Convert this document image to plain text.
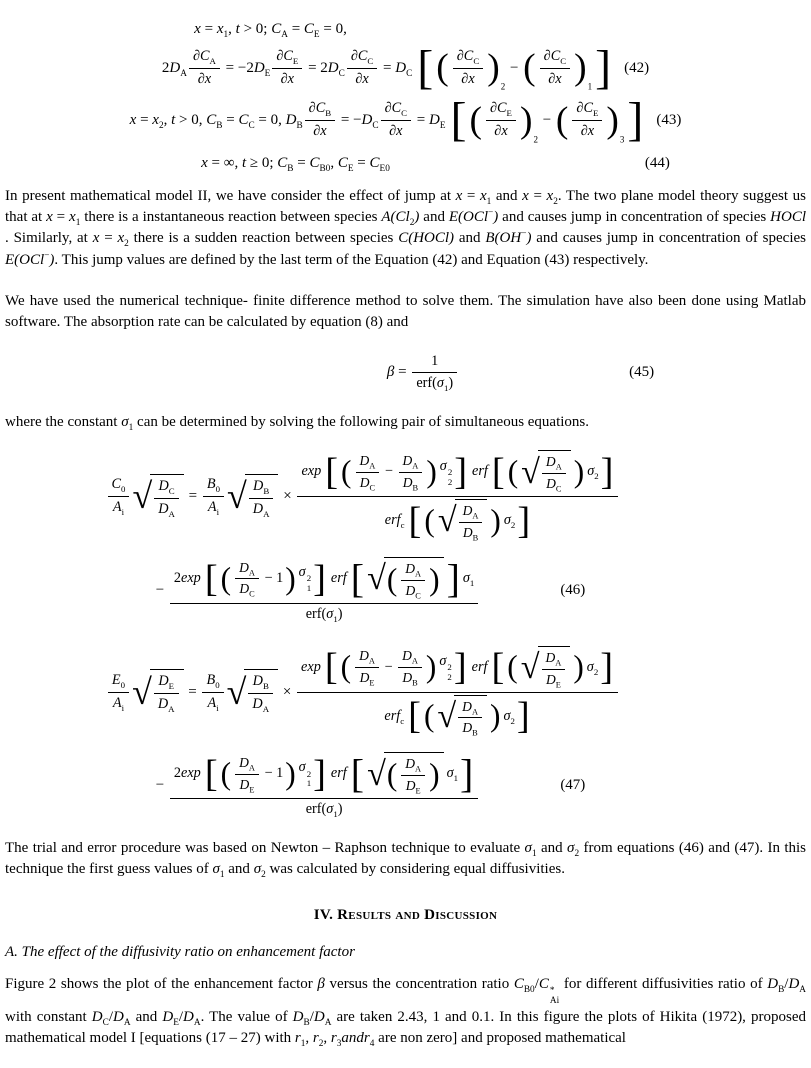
$x = x_1$ , t > 0; $C_A = C_E = 0$,
2 $D_A \frac{\partial C_A}{\partial x} = -2$ $D_E \frac{\partial C_E}{\partial x} = 2$ $D_C \frac{\partial C_C}{\partial x} = D_C$ [ ( $\frac{\partial C_C}{\partial x}$ ) 2
− ( $\frac{\partial C_C}{\partial x}$ ) 1 ] (42)
$x = x_2$ , t > 0, $C_B = C_C = 0$, $D_B \frac{\partial C_B}{\partial x}$ = − $D_C \frac{\partial C_C}{\partial x} = D_E$ [ ( $\frac{\partial C_E}{\partial x}$ ) 2
− ( $\frac{\partial C_E}{\partial x}$ ) 3 ] (43)
x = ∞, t ≥ 0; $C_B = C_{B0}$ , $C_E = C_{E0}$	(44)

In present mathematical model II, we have consider the effect of jump at $x = x_1$ and $x = x_2$. The two plane model theory suggest us that at $x = x_1$ there is a instantaneous reaction between species $A(Cl_2)$ and E(OCl−) and causes jump in concentration of species HOCl. Similarly, at $x = x_2$ there is a sudden reaction between species C(HOCl) and B(OH−) and causes jump in concentration of species E(OCl−). This jump values are defined by the last term of the Equation (42) and Equation (43) respectively.

We have used the numerical technique- finite difference method to solve them. The simulation have also been done using Matlab software. The absorption rate can be calculated by equation (8) and

β =
1
erf( $\sigma_1$ )
(45)

where the constant $\sigma_1$ can be determined by solving the following pair of simultaneous equations.

$\frac{C_0}{A_i}$ √ $\frac{D_C}{D_A} = \frac{B_0}{A_i}$ √ $\frac{D_B}{D_A}$ ×
exp [ ( $\frac{D_A}{D_C} - \frac{D_A}{D_B}$ ) σ 2
2 ] erf [ ( √ $\frac{D_A}{D_C}$ ) $\sigma_2$ ]
erf$_c$ [ ( √ $\frac{D_A}{D_B}$ ) $\sigma_2$ ]
−
2 exp [ ( $\frac{D_A}{D_C} - 1$ ) σ 2
1 ] erf [ √ ( $\frac{D_A}{D_C}$ ) ] $\sigma_1$
erf( $\sigma_1$ )
(46)
$\frac{E_0}{A_i}$ √ $\frac{D_E}{D_A} = \frac{B_0}{A_i}$ √ $\frac{D_B}{D_A}$ ×
exp [ ( $\frac{D_A}{D_E} - \frac{D_A}{D_B}$ ) σ 2
2 ] erf [ ( √ $\frac{D_A}{D_E}$ ) $\sigma_2$ ]
erf$_c$ [ ( √ $\frac{D_A}{D_B}$ ) $\sigma_2$ ]
−
2 exp [ ( $\frac{D_A}{D_E} - 1$ ) σ 2
1 ] erf [ √ ( $\frac{D_A}{D_E}$ ) $\sigma_1$ ]
erf( $\sigma_1$ )
(47)

The trial and error procedure was based on Newton – Raphson technique to evaluate $\sigma_1$ and $\sigma_2$ from equations (46) and (47). In this technique the first guess values of $\sigma_1$ and $\sigma_2$ was calculated by considering equal diffusivities.

IV. Results and Discussion
A. The effect of the diffusivity ratio on enhancement factor

Figure 2 shows the plot of the enhancement factor β versus the concentration ratio $C_{B0}/C$ *
Ai
for different diffusivities ratio of $D_B/D_A$ with constant $D_C/D_A$ and $D_E/D_A$. The value of $D_B/D_A$ are taken 2.43, 1 and 0.1. In this figure the plots of Hikita (1972), proposed mathematical model I [equations (17 – 27) with $r_1$, $r_2$, $r_3andr_4$ are non zero] and proposed mathematical
